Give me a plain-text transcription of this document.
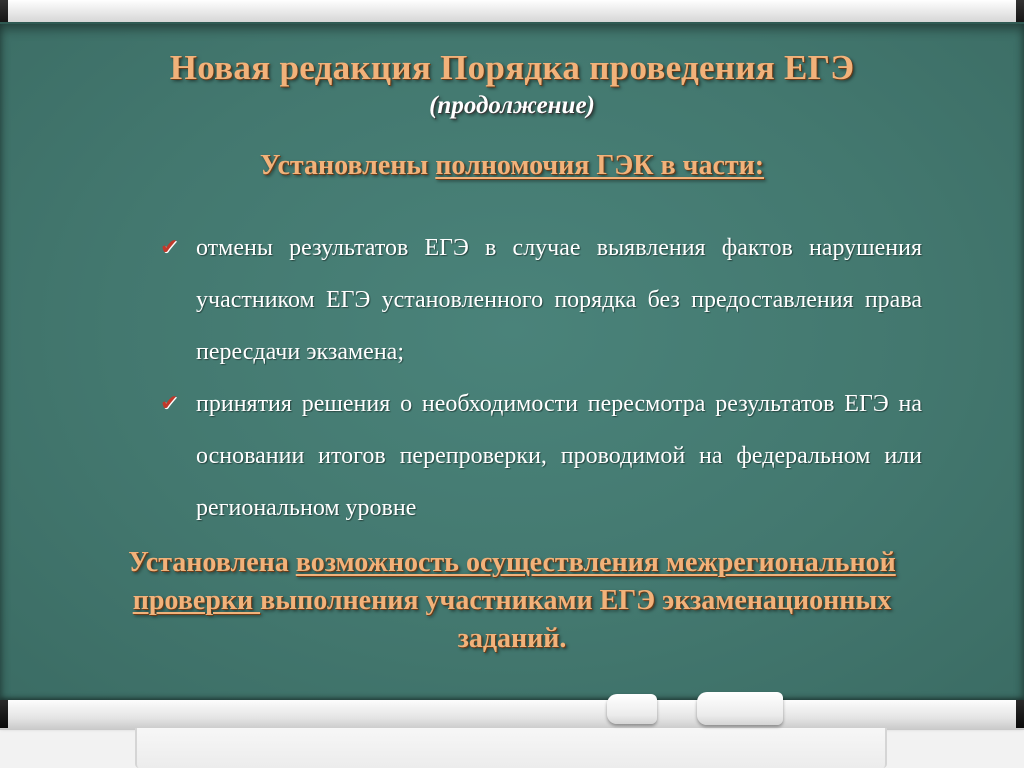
Новая редакция Порядка проведения ЕГЭ
(продолжение)
Установлены полномочия ГЭК в части:
✔ отмены результатов ЕГЭ в случае выявления фактов нарушения участником ЕГЭ установленного порядка без предоставления права пересдачи экзамена;
✔ принятия решения о необходимости пересмотра результатов ЕГЭ на основании итогов перепроверки, проводимой на федеральном или региональном уровне
Установлена возможность осуществления межрегиональной проверки выполнения участниками ЕГЭ экзаменационных заданий.
